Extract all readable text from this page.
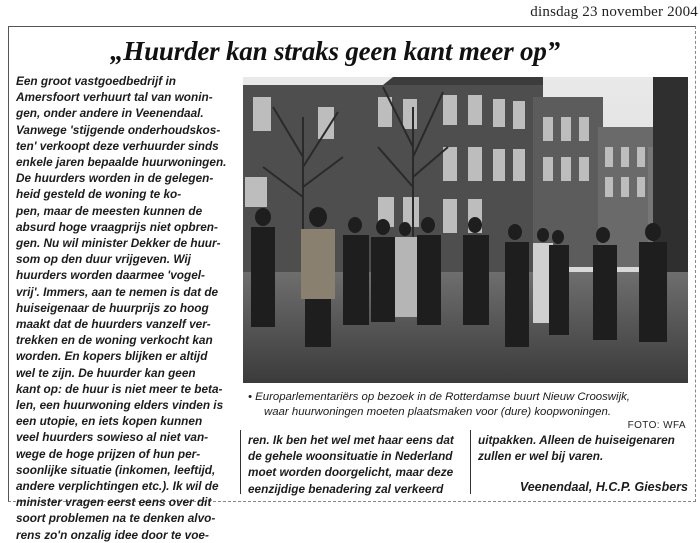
dinsdag 23 november 2004
„Huurder kan straks geen kant meer op”
Een groot vastgoedbedrijf in
Amersfoort verhuurt tal van wonin-
gen, onder andere in Veenendaal.
Vanwege 'stijgende onderhoudskos-
ten' verkoopt deze verhuurder sinds
enkele jaren bepaalde huurwoningen.
De huurders worden in de gelegen-
heid gesteld de woning te ko-
pen, maar de meesten kunnen de
absurd hoge vraagprijs niet opbren-
gen. Nu wil minister Dekker de huur-
som op den duur vrijgeven. Wij
huurders worden daarmee 'vogel-
vrij'. Immers, aan te nemen is dat de
huiseigenaar de huurprijs zo hoog
maakt dat de huurders vanzelf ver-
trekken en de woning verkocht kan
worden. En kopers blijken er altijd
wel te zijn. De huurder kan geen
kant op: de huur is niet meer te beta-
len, een huurwoning elders vinden is
een utopie, en iets kopen kunnen
veel huurders sowieso al niet van-
wege de hoge prijzen of hun per-
soonlijke situatie (inkomen, leeftijd,
andere verplichtingen etc.). Ik wil de
minister vragen eerst eens over dit
soort problemen na te denken alvo-
rens zo'n onzalig idee door te voe-
• Europarlementariërs op bezoek in de Rotterdamse buurt Nieuw Crooswijk,
waar huurwoningen moeten plaatsmaken voor (dure) koopwoningen.
FOTO: WFA
ren. Ik ben het wel met haar eens dat
de gehele woonsituatie in Nederland
moet worden doorgelicht, maar deze
eenzijdige benadering zal verkeerd
uitpakken. Alleen de huiseigenaren
zullen er wel bij varen.
Veenendaal, H.C.P. Giesbers
